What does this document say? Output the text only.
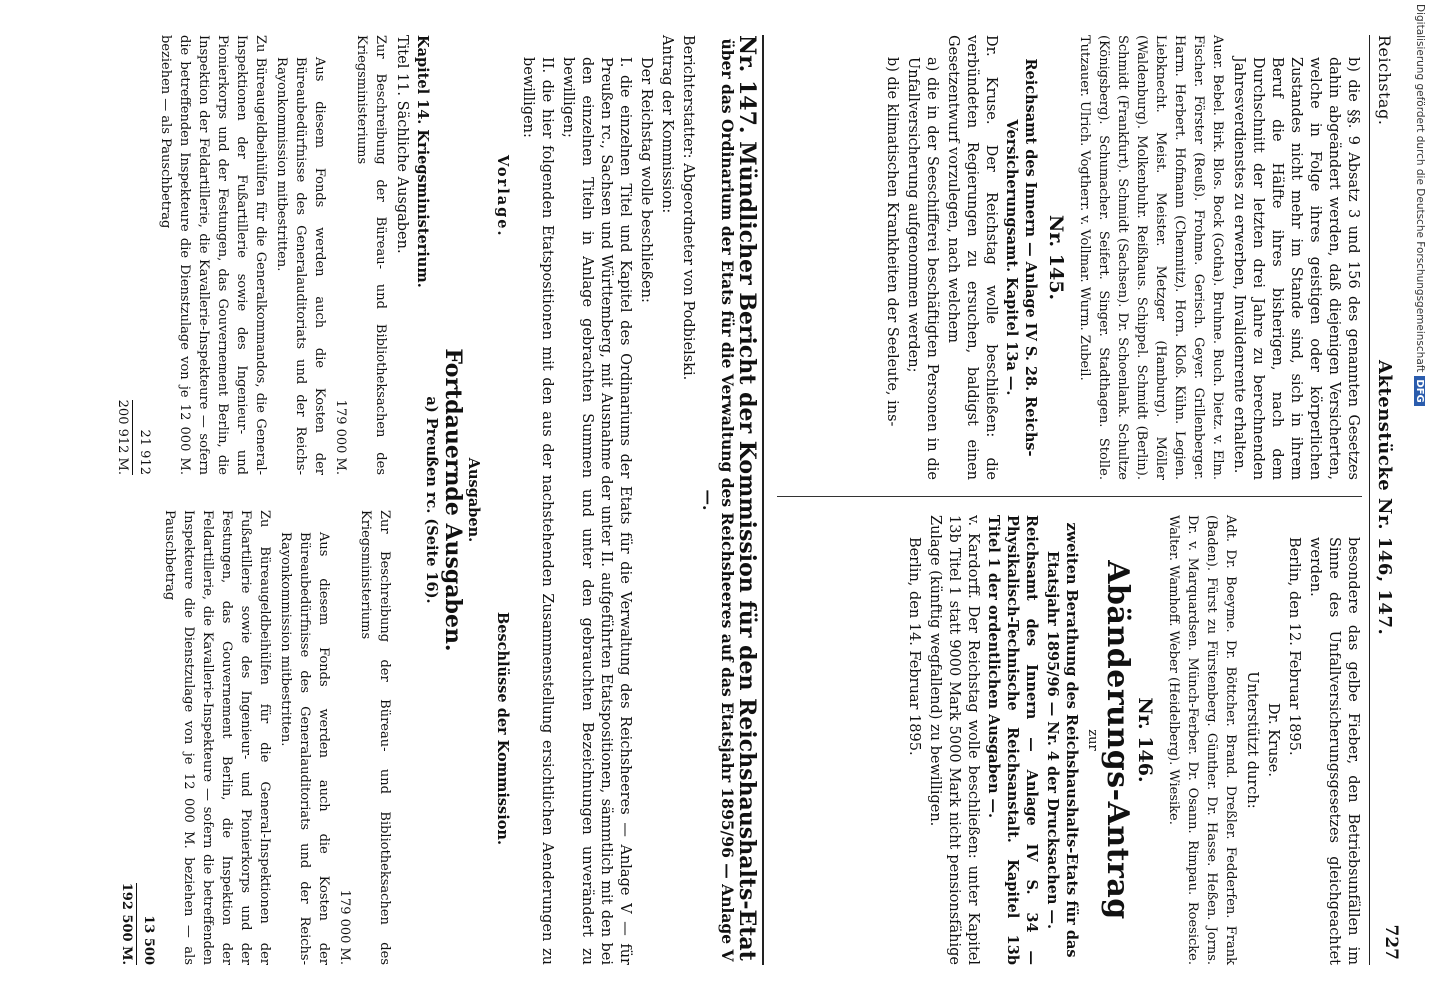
Reichstag.
Aktenstücke Nr. 146, 147.
727

b) die §§. 9 Absatz 3 und 156 des genannten Gesetzes dahin abgeändert werden, daß diejenigen Versicherten, welche in Folge ihres geistigen oder körperlichen Zustandes nicht mehr im Stande sind, sich in ihrem Beruf die Hälfte ihres bisherigen, nach dem Durchschnitt der letzten drei Jahre zu berechnenden Jahresverdienstes zu erwerben, Invalidenrente erhalten.

Auer. Bebel. Birk. Blos. Bock (Gotha). Bruhne. Buch. Dietz. v. Elm. Fischer. Förster (Reuß). Frohme. Gerisch. Geyer. Grillenberger. Harm. Herbert. Hofmann (Chemnitz). Horn. Kloß. Kühn. Legien. Liebknecht. Meist. Meister. Metzger (Hamburg). Möller (Waldenburg). Molkenbuhr. Reißhaus. Schippel. Schmidt (Berlin). Schmidt (Frankfurt). Schmidt (Sachsen). Dr. Schoenlank. Schultze (Königsberg). Schumacher. Seifert. Singer. Stadthagen. Stolle. Tutzauer. Ulrich. Vogtherr. v. Vollmar. Wurm. Zubeil.

Nr. 145.

Reichsamt des Innern — Anlage IV S. 28. Reichs-Versicherungsamt. Kapitel 13a —.

Dr. Kruse. Der Reichstag wolle beschließen: die verbündeten Regierungen zu ersuchen, baldigst einen Gesetzentwurf vorzulegen, nach welchem

a) die in der Seeschifferei beschäftigten Personen in die Unfallversicherung aufgenommen werden;

b) die klimatischen Krankheiten der Seeleute, ins-

besondere das gelbe Fieber, den Betriebsunfällen im Sinne des Unfallversicherungsgesetzes gleichgeachtet werden.

Berlin, den 12. Februar 1895.

Dr. Kruse.

Unterstützt durch:

Adt. Dr. Boeyme. Dr. Böttcher. Brand. Dreßler. Fedderfen. Frank (Baden). Fürst zu Fürstenberg. Günther. Dr. Hasse. Heßen. Jorns. Dr. v. Marquardsen. Münch-Ferber. Dr. Osann. Rimpau. Roesicke. Walter. Wamhoff. Weber (Heidelberg). Wiesike.

Nr. 146.
Abänderungs-Antrag

zur

zweiten Berathung des Reichshaushalts-Etats für das Etatsjahr 1895/96 — Nr. 4 der Drucksachen —.

Reichsamt des Innern — Anlage IV S. 34 — Physikalisch-Technische Reichsanstalt. Kapitel 13b Titel 1 der ordentlichen Ausgaben —.

v. Kardorff. Der Reichstag wolle beschließen: unter Kapitel 13b Titel 1 statt 9000 Mark 5000 Mark nicht pensionsfähige Zulage (künftig wegfallend) zu bewilligen.

Berlin, den 14. Februar 1895.

Nr. 147. Mündlicher Bericht der Kommission für den Reichshaushalts-Etat

über das Ordinarium der Etats für die Verwaltung des Reichsheeres auf das Etatsjahr 1895/96 — Anlage V —.

Berichterstatter: Abgeordneter von Podbielski.

Antrag der Kommission:

Der Reichstag wolle beschließen:

I. die einzelnen Titel und Kapitel des Ordinariums der Etats für die Verwaltung des Reichsheeres — Anlage V — für Preußen rc., Sachsen und Württemberg, mit Ausnahme der unter II. aufgeführten Etatspositionen, sämmtlich mit den bei den einzelnen Titeln in Anlage gebrachten Summen und unter den gebrauchten Bezeichnungen unverändert zu bewilligen;

II. die hier folgenden Etatspositionen mit den aus der nachstehenden Zusammenstellung ersichtlichen Aenderungen zu bewilligen:

Vorlage.
Beschlüsse der Kommission.

Ausgaben.

Fortdauernde Ausgaben.

a) Preußen rc. (Seite 16).

Kapitel 14. Kriegsministerium.

Titel 11. Sächliche Ausgaben.

Zur Beschreibung der Büreau- und Bibliotheksachen des Kriegsministeriums

179 000 M.

Aus diesem Fonds werden auch die Kosten der Büreaubedürfnisse des Generalauditoriats und der Reichs-Rayonkommission mitbestritten.

Zu Büreaugeldbeihülfen für die Generalkommandos, die General-Inspektionen der Fußartillerie sowie des Ingenieur- und Pionierkorps und der Festungen, das Gouvernement Berlin, die Inspektion der Feldartillerie, die Kavallerie-Inspekteure — sofern die betreffenden Inspekteure die Dienstzulage von je 12 000 M. beziehen — als Pauschbetrag

21 912

200 912 M.

Zur Beschreibung der Büreau- und Bibliotheksachen des Kriegsministeriums

179 000 M.

Aus diesem Fonds werden auch die Kosten der Büreaubedürfnisse des Generalauditoriats und der Reichs-Rayonkommission mitbestritten.

Zu Büreaugeldbeihülfen für die General-Inspektionen der Fußartillerie sowie des Ingenieur- und Pionierkorps und der Festungen, das Gouvernement Berlin, die Inspektion der Feldartillerie, die Kavallerie-Inspekteure — sofern die betreffenden Inspekteure die Dienstzulage von je 12 000 M. beziehen — als Pauschbetrag

13 500

192 500 M.

Digitalisierung gefördert durch die Deutsche ForschungsgemeinschaftDFG
